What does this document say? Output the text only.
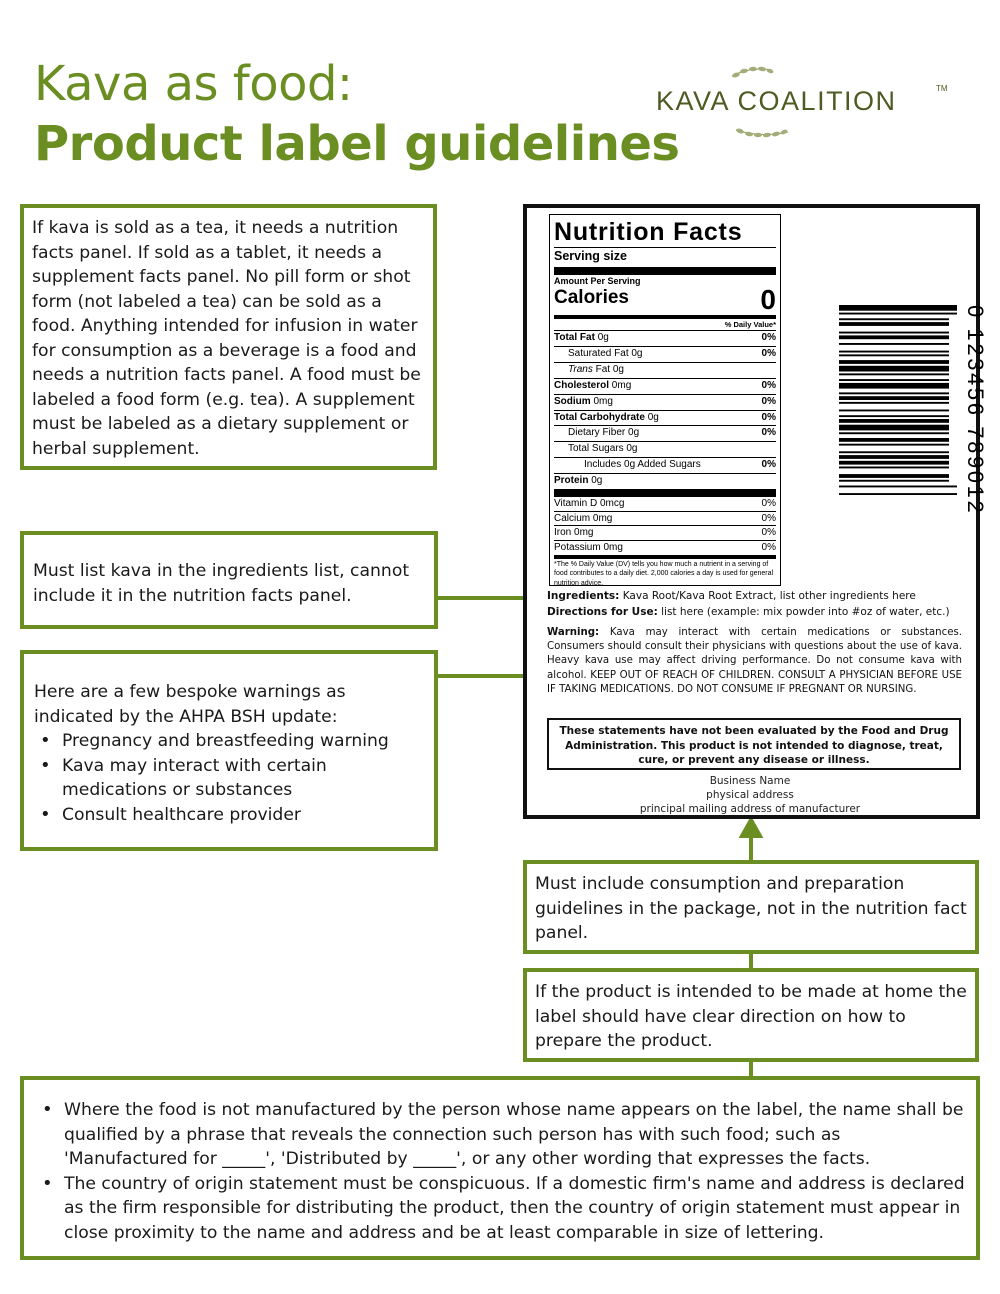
Kava as food:
Product label guidelines
KAVA COALITION	TM

If kava is sold as a tea, it needs a nutrition facts panel. If sold as a tablet, it needs a supplement facts panel. No pill form or shot form (not labeled a tea) can be sold as a food. Anything intended for infusion in water for consumption as a beverage is a food and needs a nutrition facts panel. A food must be labeled a food form (e.g. tea). A supplement must be labeled as a dietary supplement or herbal supplement.

Must list kava in the ingredients list, cannot include it in the nutrition facts panel.

Here are a few bespoke warnings as indicated by the AHPA BSH update:

• Pregnancy and breastfeeding warning
• Kava may interact with certain medications or substances
• Consult healthcare provider
Nutrition Facts
Serving size
Amount Per Serving
Calories	0
% Daily Value*
Total Fat 0g	0%
Saturated Fat 0g	0%
Trans Fat 0g
Cholesterol 0mg	0%
Sodium 0mg	0%
Total Carbohydrate 0g	0%
Dietary Fiber 0g	0%
Total Sugars 0g
Includes 0g Added Sugars	0%
Protein 0g
Vitamin D 0mcg	0%
Calcium 0mg	0%
Iron 0mg	0%
Potassium 0mg	0%
*The % Daily Value (DV) tells you how much a nutrient in a serving of food contributes to a daily diet. 2,000 calories a day is used for general nutrition advice.
0 123456 789012
Ingredients: Kava Root/Kava Root Extract, list other ingredients here
Directions for Use: list here (example: mix powder into #oz of water, etc.)
Warning: Kava may interact with certain medications or substances. Consumers should consult their physicians with questions about the use of kava. Heavy kava use may affect driving performance. Do not consume kava with alcohol. KEEP OUT OF REACH OF CHILDREN. CONSULT A PHYSICIAN BEFORE USE IF TAKING MEDICATIONS. DO NOT CONSUME IF PREGNANT OR NURSING.
These statements have not been evaluated by the Food and Drug Administration. This product is not intended to diagnose, treat, cure, or prevent any disease or illness.
Business Name
physical address
principal mailing address of manufacturer

Must include consumption and preparation guidelines in the package, not in the nutrition fact panel.

If the product is intended to be made at home the label should have clear direction on how to prepare the product.

• Where the food is not manufactured by the person whose name appears on the label, the name shall be qualified by a phrase that reveals the connection such person has with such food; such as 'Manufactured for _____', 'Distributed by _____', or any other wording that expresses the facts.
• The country of origin statement must be conspicuous. If a domestic firm's name and address is declared as the firm responsible for distributing the product, then the country of origin statement must appear in close proximity to the name and address and be at least comparable in size of lettering.
